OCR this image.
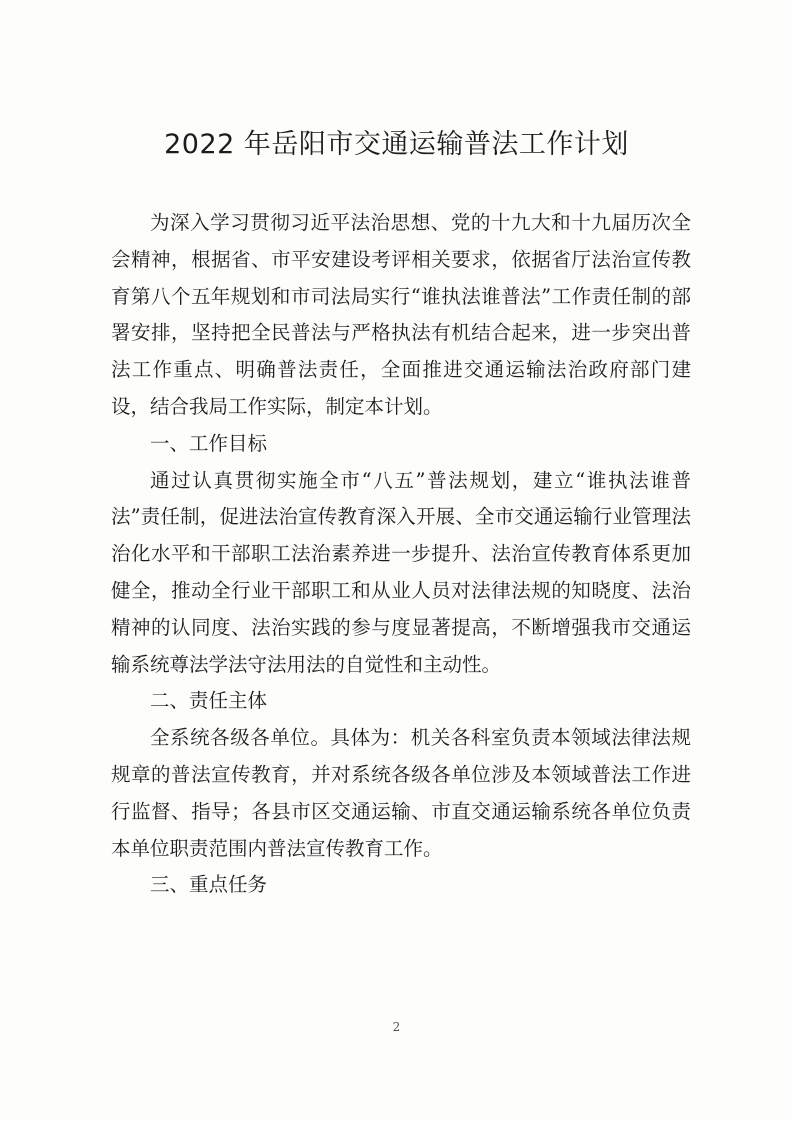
2022 年岳阳市交通运输普法工作计划

为深入学习贯彻习近平法治思想、党的十九大和十九届历次全会精神，根据省、市平安建设考评相关要求，依据省厅法治宣传教育第八个五年规划和市司法局实行“谁执法谁普法”工作责任制的部署安排，坚持把全民普法与严格执法有机结合起来，进一步突出普法工作重点、明确普法责任，全面推进交通运输法治政府部门建设，结合我局工作实际，制定本计划。

一、工作目标

通过认真贯彻实施全市“八五”普法规划，建立“谁执法谁普法”责任制，促进法治宣传教育深入开展、全市交通运输行业管理法治化水平和干部职工法治素养进一步提升、法治宣传教育体系更加健全，推动全行业干部职工和从业人员对法律法规的知晓度、法治精神的认同度、法治实践的参与度显著提高，不断增强我市交通运输系统尊法学法守法用法的自觉性和主动性。

二、责任主体

全系统各级各单位。具体为：机关各科室负责本领域法律法规规章的普法宣传教育，并对系统各级各单位涉及本领域普法工作进行监督、指导；各县市区交通运输、市直交通运输系统各单位负责本单位职责范围内普法宣传教育工作。

三、重点任务

2
